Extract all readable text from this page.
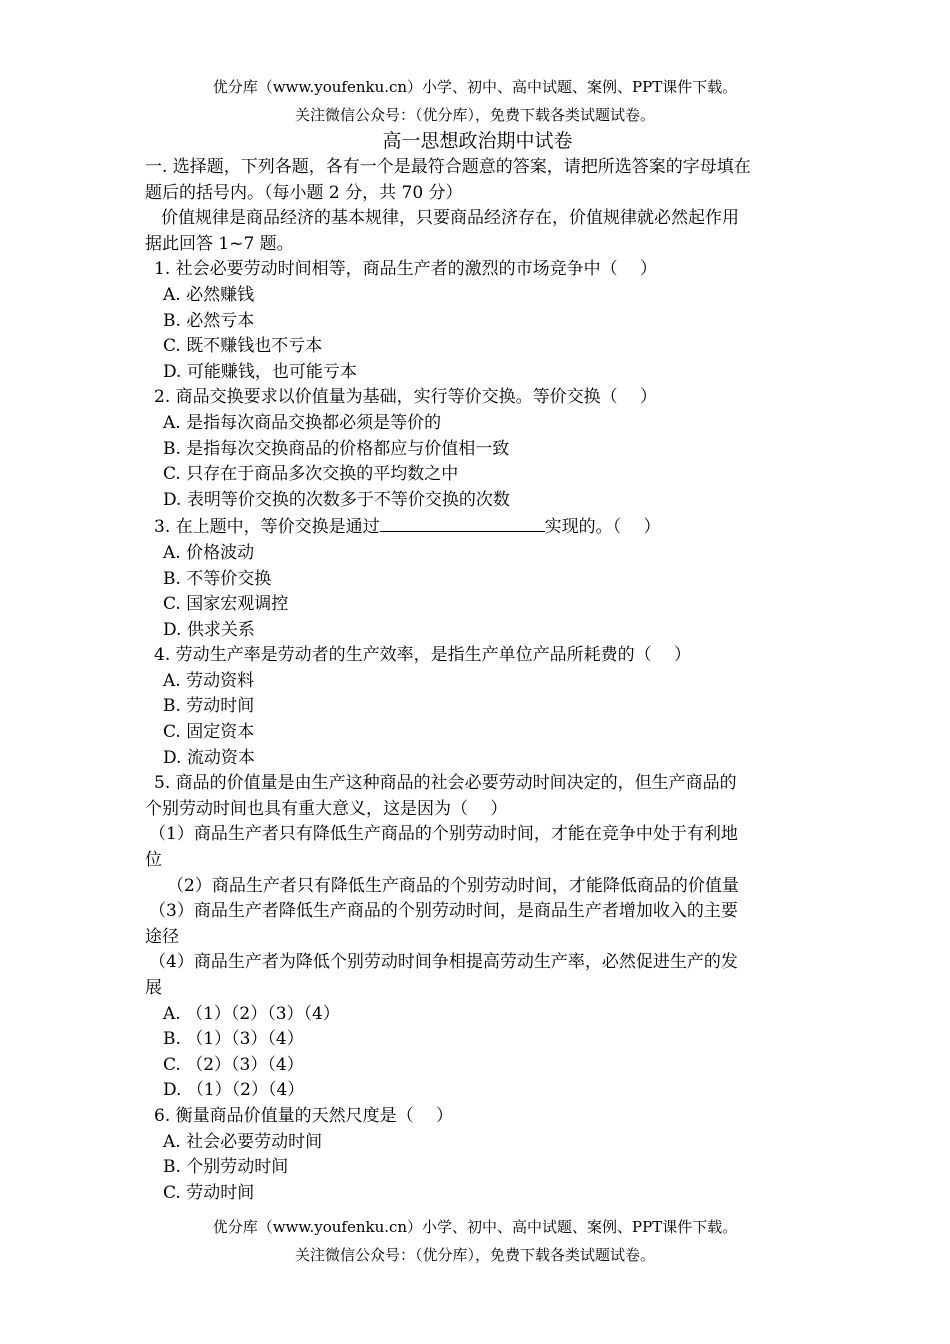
优分库（www.youfenku.cn）小学、初中、高中试题、案例、PPT课件下载。
关注微信公众号：（优分库），免费下载各类试题试卷。
高一思想政治期中试卷
一. 选择题，下列各题，各有一个是最符合题意的答案，请把所选答案的字母填在
题后的括号内。（每小题 2 分，共 70 分）
价值规律是商品经济的基本规律，只要商品经济存在，价值规律就必然起作用
据此回答 1~7 题。
1. 社会必要劳动时间相等，商品生产者的激烈的市场竞争中（　 ）
A. 必然赚钱
B. 必然亏本
C. 既不赚钱也不亏本
D. 可能赚钱，也可能亏本
2. 商品交换要求以价值量为基础，实行等价交换。等价交换（　 ）
A. 是指每次商品交换都必须是等价的
B. 是指每次交换商品的价格都应与价值相一致
C. 只存在于商品多次交换的平均数之中
D. 表明等价交换的次数多于不等价交换的次数
3. 在上题中，等价交换是通过	实现的。（　 ）
A. 价格波动
B. 不等价交换
C. 国家宏观调控
D. 供求关系
4. 劳动生产率是劳动者的生产效率，是指生产单位产品所耗费的（　 ）
A. 劳动资料
B. 劳动时间
C. 固定资本
D. 流动资本
5. 商品的价值量是由生产这种商品的社会必要劳动时间决定的，但生产商品的
个别劳动时间也具有重大意义，这是因为（　 ）
（1）商品生产者只有降低生产商品的个别劳动时间，才能在竞争中处于有利地
位
（2）商品生产者只有降低生产商品的个别劳动时间，才能降低商品的价值量
（3）商品生产者降低生产商品的个别劳动时间，是商品生产者增加收入的主要
途径
（4）商品生产者为降低个别劳动时间争相提高劳动生产率，必然促进生产的发
展
A. （1）（2）（3）（4）
B. （1）（3）（4）
C. （2）（3）（4）
D. （1）（2）（4）
6. 衡量商品价值量的天然尺度是（　 ）
A. 社会必要劳动时间
B. 个别劳动时间
C. 劳动时间
优分库（www.youfenku.cn）小学、初中、高中试题、案例、PPT课件下载。
关注微信公众号：（优分库），免费下载各类试题试卷。
